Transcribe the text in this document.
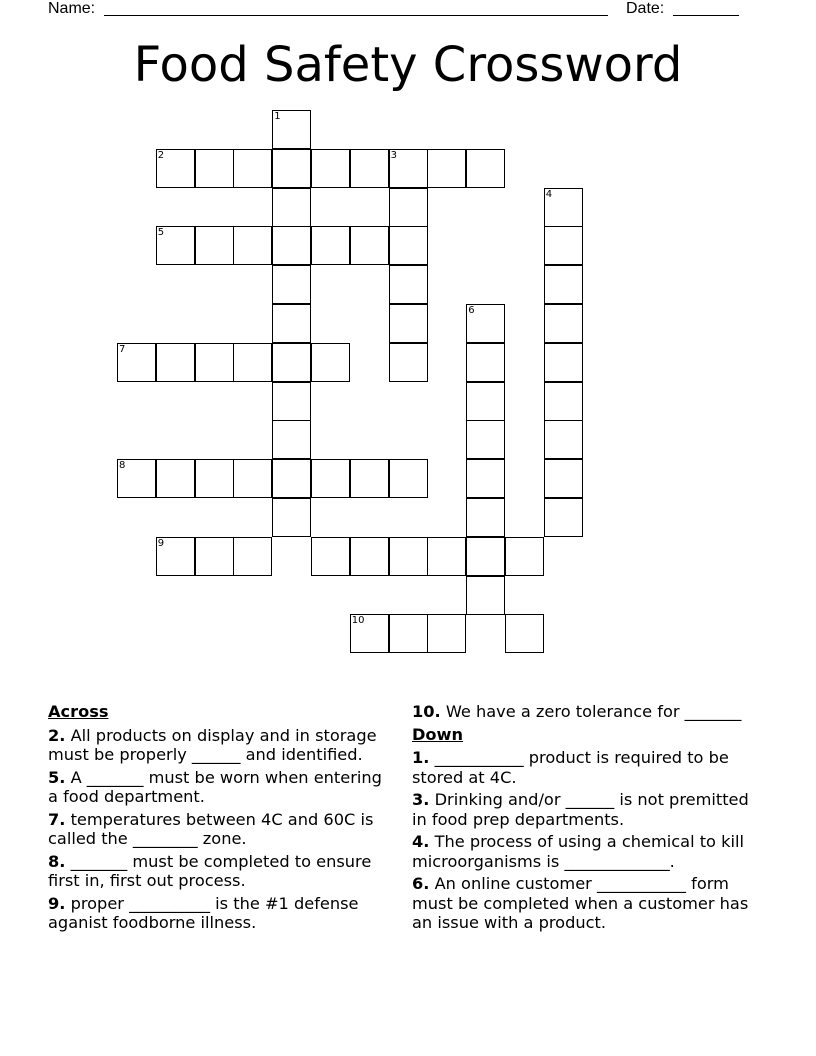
Name:	Date:
Food Safety Crossword
1
2	3
4
5
6
7
8
9
10
Across
2. All products on display and in storage must be properly ______ and identified.
5. A _______ must be worn when entering a food department.
7. temperatures between 4C and 60C is called the ________ zone.
8. _______ must be completed to ensure first in, first out process.
9. proper __________ is the #1 defense aganist foodborne illness.
10. We have a zero tolerance for _______
Down
1. ___________ product is required to be stored at 4C.
3. Drinking and/or ______ is not premitted in food prep departments.
4. The process of using a chemical to kill microorganisms is _____________.
6. An online customer ___________ form must be completed when a customer has an issue with a product.
